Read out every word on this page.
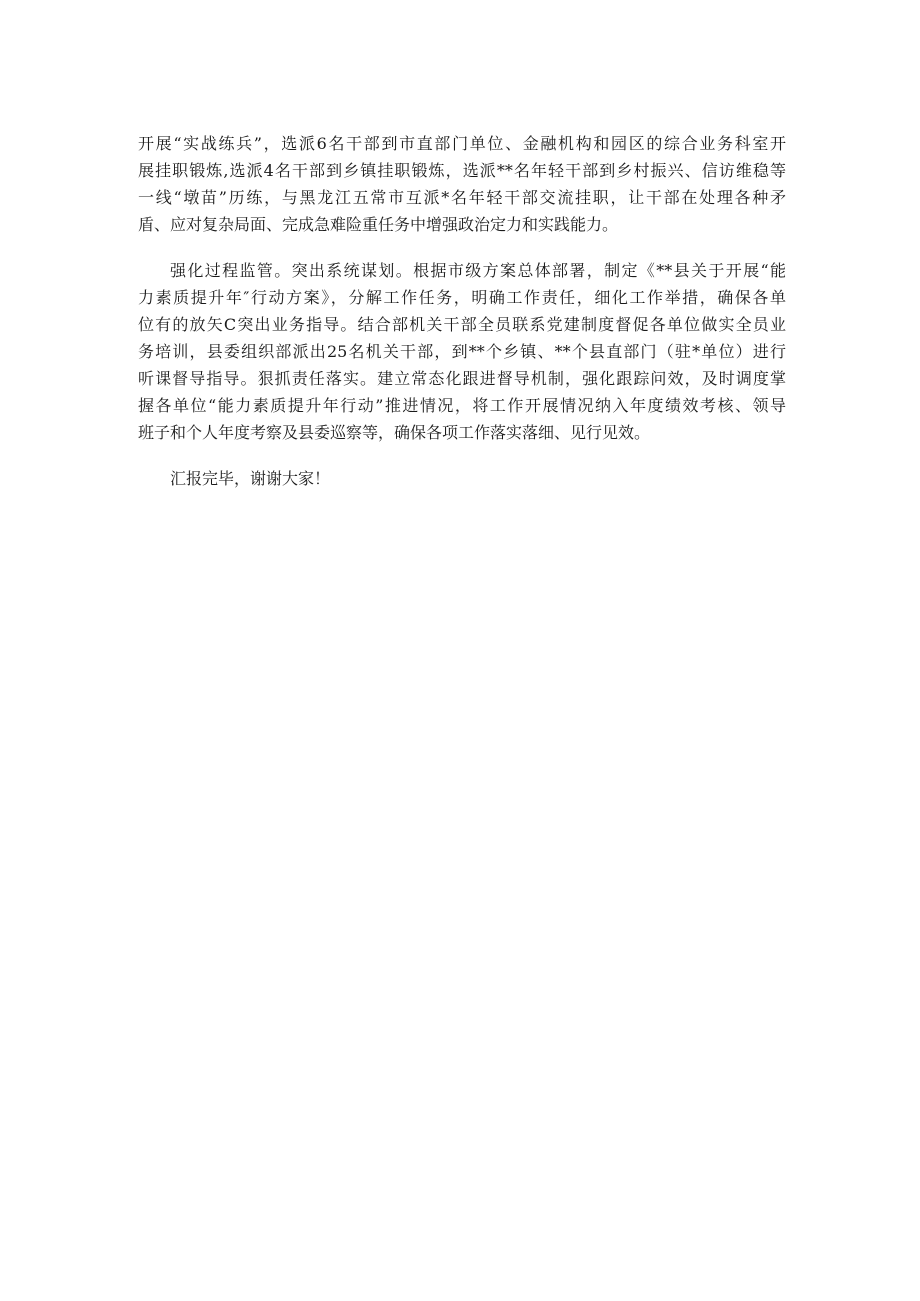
开展“实战练兵”，选派6名干部到市直部门单位、金融机构和园区的综合业务科室开
展挂职锻炼,选派4名干部到乡镇挂职锻炼，选派**名年轻干部到乡村振兴、信访维稳等
一线“墩苗”历练，与黑龙江五常市互派*名年轻干部交流挂职，让干部在处理各种矛
盾、应对复杂局面、完成急难险重任务中增强政治定力和实践能力。
强化过程监管。突出系统谋划。根据市级方案总体部署，制定《**县关于开展“能
力素质提升年″行动方案》，分解工作任务，明确工作责任，细化工作举措，确保各单
位有的放矢C突出业务指导。结合部机关干部全员联系党建制度督促各单位做实全员业
务培训，县委组织部派出25名机关干部，到**个乡镇、**个县直部门（驻*单位）进行
听课督导指导。狠抓责任落实。建立常态化跟进督导机制，强化跟踪问效，及时调度掌
握各单位“能力素质提升年行动”推进情况，将工作开展情况纳入年度绩效考核、领导
班子和个人年度考察及县委巡察等，确保各项工作落实落细、见行见效。
汇报完毕，谢谢大家！
